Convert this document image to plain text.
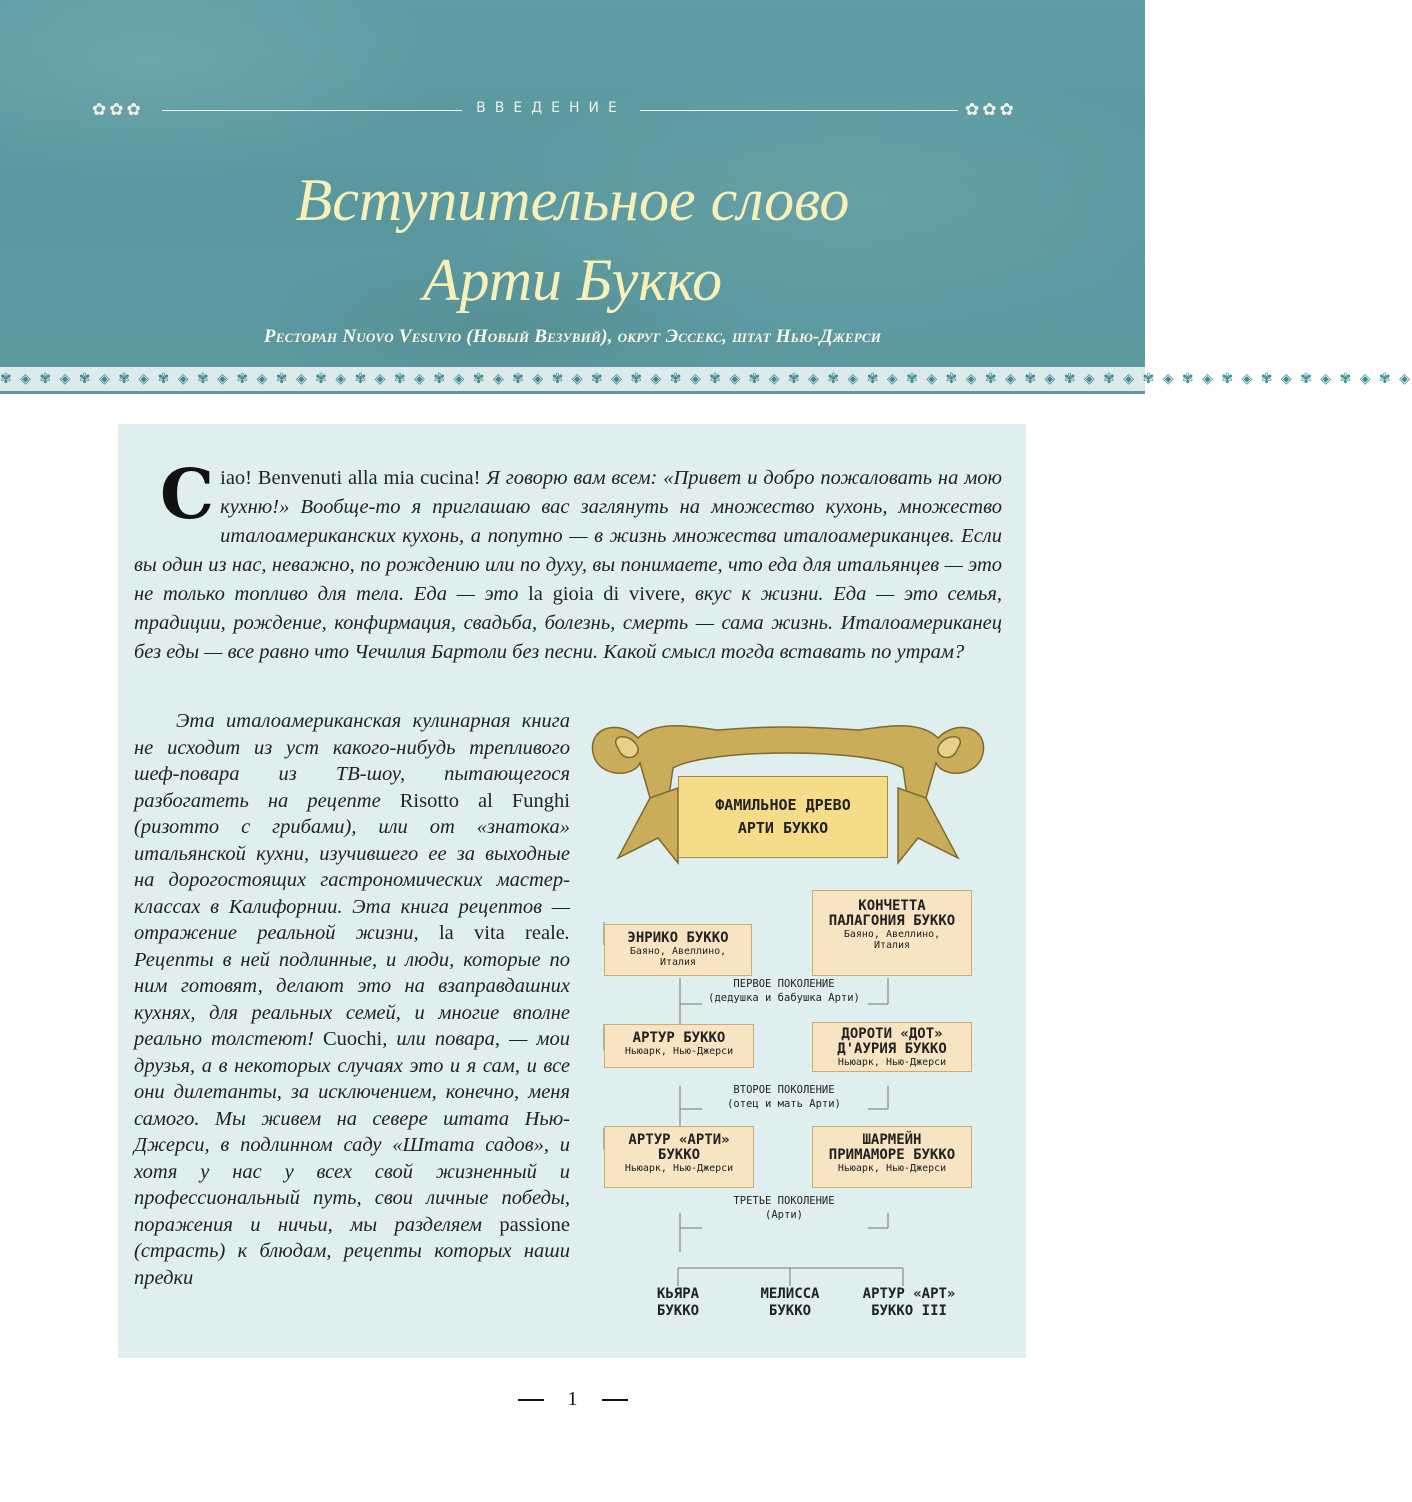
✿✿✿	ВВЕДЕНИЕ	✿✿✿
Вступительное слово
Арти Букко
Ресторан Nuovo Vesuvio (Новый Везувий), округ Эссекс, штат Нью-Джерси
✾ ◈ ✾ ◈ ✾ ◈ ✾ ◈ ✾ ◈ ✾ ◈ ✾ ◈ ✾ ◈ ✾ ◈ ✾ ◈ ✾ ◈ ✾ ◈ ✾ ◈ ✾ ◈ ✾ ◈ ✾ ◈ ✾ ◈ ✾ ◈ ✾ ◈ ✾ ◈ ✾ ◈ ✾ ◈ ✾ ◈ ✾ ◈ ✾ ◈ ✾ ◈ ✾ ◈ ✾ ◈ ✾ ◈ ✾ ◈ ✾ ◈ ✾ ◈ ✾ ◈ ✾ ◈ ✾ ◈ ✾ ◈

Ciao! Benvenuti alla mia cucina! Я говорю вам всем: «Привет и добро пожаловать на мою кухню!» Вообще-то я приглашаю вас заглянуть на множество кухонь, множество италоамериканских кухонь, а попутно — в жизнь множества италоамериканцев. Если вы один из нас, неважно, по рождению или по духу, вы понимаете, что еда для итальянцев — это не только топливо для тела. Еда — это la gioia di vivere, вкус к жизни. Еда — это семья, традиции, рождение, конфирмация, свадьба, болезнь, смерть — сама жизнь. Италоамериканец без еды — все равно что Чечилия Бартоли без песни. Какой смысл тогда вставать по утрам?

Эта италоамериканская кулинарная книга не исходит из уст какого-нибудь трепливого шеф-повара из ТВ-шоу, пытающегося разбогатеть на рецепте Risotto al Funghi (ризотто с грибами), или от «знатока» итальянской кухни, изучившего ее за выходные на дорогостоящих гастрономических мастер-классах в Калифорнии. Эта книга рецептов — отражение реальной жизни, la vita reale. Рецепты в ней подлинные, и люди, которые по ним готовят, делают это на взаправдашних кухнях, для реальных семей, и многие вполне реально толстеют! Cuochi, или повара, — мои друзья, а в некоторых случаях это и я сам, и все они дилетанты, за исключением, конечно, меня самого. Мы живем на севере штата Нью-Джерси, в подлинном саду «Штата садов», и хотя у нас у всех свой жизненный и профессиональный путь, свои личные победы, поражения и ничьи, мы разделяем passione (страсть) к блюдам, рецепты которых наши предки

ФАМИЛЬНОЕ ДРЕВО
АРТИ БУККО
ЭНРИКО БУККО
Баяно, Авеллино,
Италия
КОНЧЕТТА
ПАЛАГОНИЯ БУККО
Баяно, Авеллино,
Италия
ПЕРВОЕ ПОКОЛЕНИЕ
(дедушка и бабушка Арти)
АРТУР БУККО
Ньюарк, Нью-Джерси
ДОРОТИ «ДОТ»
Д'АУРИЯ БУККО
Ньюарк, Нью-Джерси
ВТОРОЕ ПОКОЛЕНИЕ
(отец и мать Арти)
АРТУР «АРТИ»
БУККО
Ньюарк, Нью-Джерси
ШАРМЕЙН
ПРИМАМОРЕ БУККО
Ньюарк, Нью-Джерси
ТРЕТЬЕ ПОКОЛЕНИЕ
(Арти)
КЬЯРА
БУККО
МЕЛИССА
БУККО
АРТУР «АРТ»
БУККО III
1
